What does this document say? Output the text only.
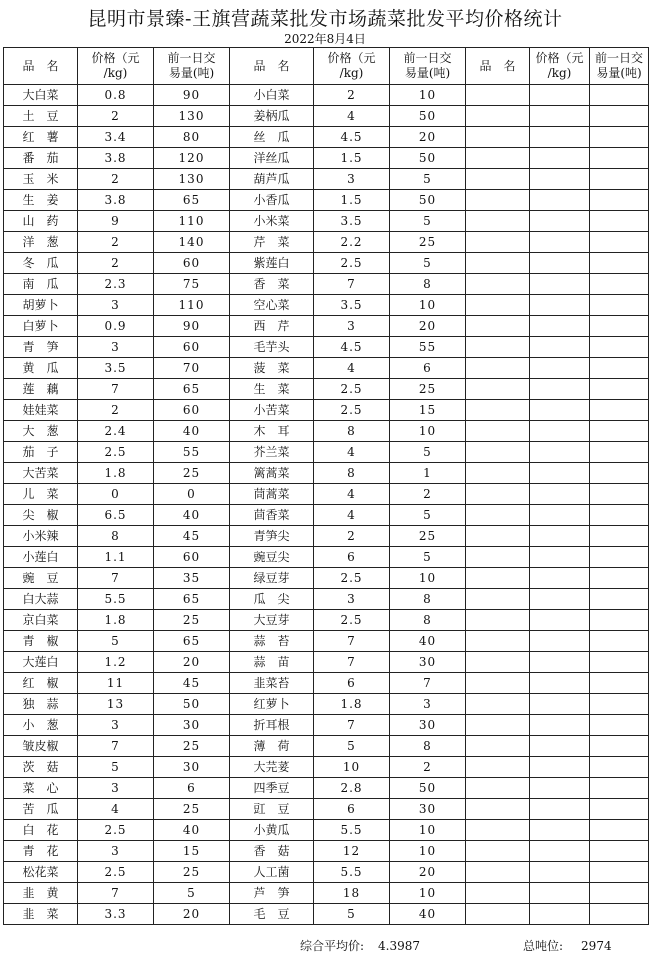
昆明市景臻-王旗营蔬菜批发市场蔬菜批发平均价格统计
2022年8月4日
品　名	价格（元
/kg)	前一日交
易量(吨)	品　名	价格（元
/kg)	前一日交
易量(吨)	品　名	价格（元
/kg)	前一日交
易量(吨)
大白菜	0.8	90	小白菜	2	10			
土　豆	2	130	姜柄瓜	4	50			
红　薯	3.4	80	丝　瓜	4.5	20			
番　茄	3.8	120	洋丝瓜	1.5	50			
玉　米	2	130	葫芦瓜	3	5			
生　姜	3.8	65	小香瓜	1.5	50			
山　药	9	110	小米菜	3.5	5			
洋　葱	2	140	芹　菜	2.2	25			
冬　瓜	2	60	紫莲白	2.5	5			
南　瓜	2.3	75	香　菜	7	8			
胡萝卜	3	110	空心菜	3.5	10			
白萝卜	0.9	90	西　芹	3	20			
青　笋	3	60	毛芋头	4.5	55			
黄　瓜	3.5	70	菠　菜	4	6			
莲　藕	7	65	生　菜	2.5	25			
娃娃菜	2	60	小苦菜	2.5	15			
大　葱	2.4	40	木　耳	8	10			
茄　子	2.5	55	芥兰菜	4	5			
大苦菜	1.8	25	篱蒿菜	8	1			
儿　菜	0	0	茼蒿菜	4	2			
尖　椒	6.5	40	茴香菜	4	5			
小米辣	8	45	青笋尖	2	25			
小莲白	1.1	60	豌豆尖	6	5			
豌　豆	7	35	绿豆芽	2.5	10			
白大蒜	5.5	65	瓜　尖	3	8			
京白菜	1.8	25	大豆芽	2.5	8			
青　椒	5	65	蒜　苔	7	40			
大莲白	1.2	20	蒜　苗	7	30			
红　椒	11	45	韭菜苔	6	7			
独　蒜	13	50	红萝卜	1.8	3			
小　葱	3	30	折耳根	7	30			
皱皮椒	7	25	薄　荷	5	8			
茨　菇	5	30	大芫荽	10	2			
菜　心	3	6	四季豆	2.8	50			
苦　瓜	4	25	豇　豆	6	30			
白　花	2.5	40	小黄瓜	5.5	10			
青　花	3	15	香　菇	12	10			
松花菜	2.5	25	人工菌	5.5	20			
韭　黄	7	5	芦　笋	18	10			
韭　菜	3.3	20	毛　豆	5	40			
综合平均价: 4.3987	总吨位: 2974
